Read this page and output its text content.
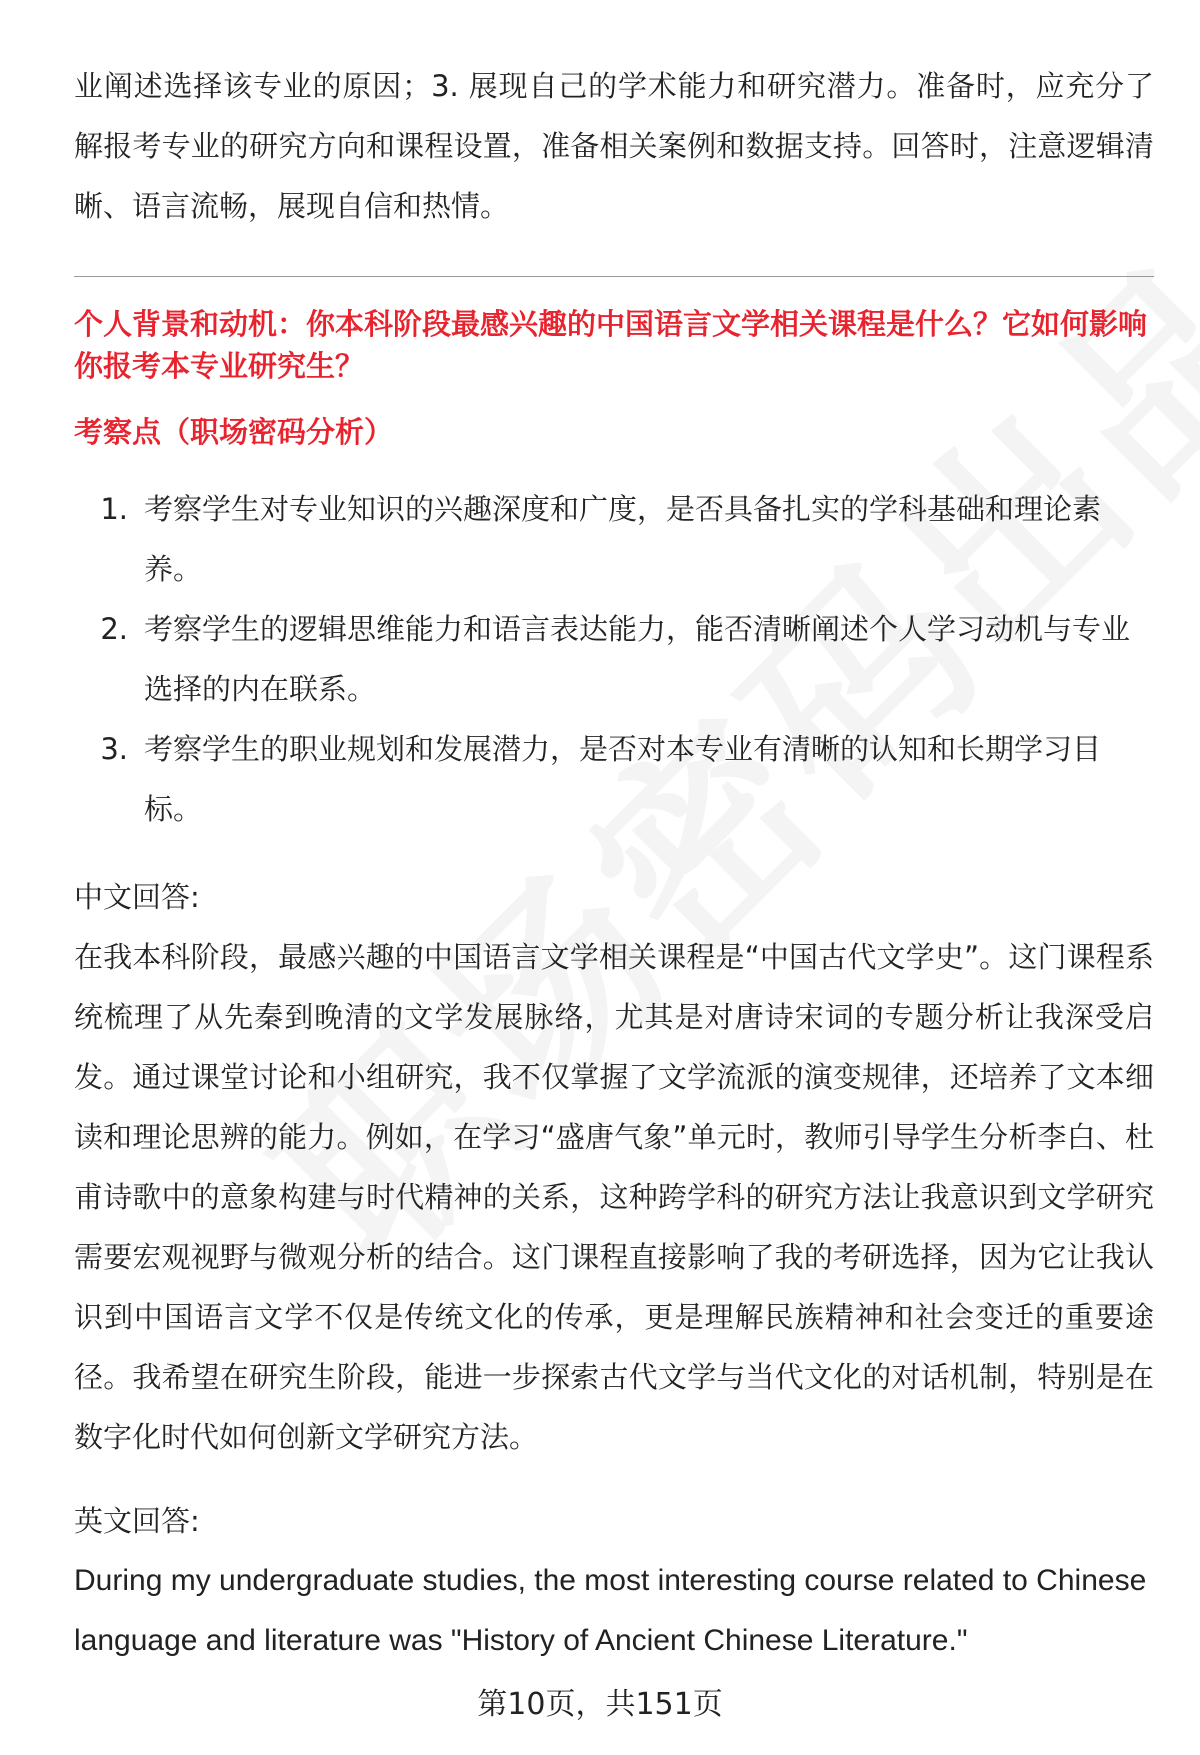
业阐述选择该专业的原因；3. 展现自己的学术能力和研究潜力。准备时，应充分了解报考专业的研究方向和课程设置，准备相关案例和数据支持。回答时，注意逻辑清晰、语言流畅，展现自信和热情。

个人背景和动机：你本科阶段最感兴趣的中国语言文学相关课程是什么？它如何影响你报考本专业研究生？

考察点（职场密码分析）

1. 考察学生对专业知识的兴趣深度和广度，是否具备扎实的学科基础和理论素养。
2. 考察学生的逻辑思维能力和语言表达能力，能否清晰阐述个人学习动机与专业选择的内在联系。
3. 考察学生的职业规划和发展潜力，是否对本专业有清晰的认知和长期学习目标。

中文回答:

在我本科阶段，最感兴趣的中国语言文学相关课程是“中国古代文学史”。这门课程系统梳理了从先秦到晚清的文学发展脉络，尤其是对唐诗宋词的专题分析让我深受启发。通过课堂讨论和小组研究，我不仅掌握了文学流派的演变规律，还培养了文本细读和理论思辨的能力。例如，在学习“盛唐气象”单元时，教师引导学生分析李白、杜甫诗歌中的意象构建与时代精神的关系，这种跨学科的研究方法让我意识到文学研究需要宏观视野与微观分析的结合。这门课程直接影响了我的考研选择，因为它让我认识到中国语言文学不仅是传统文化的传承，更是理解民族精神和社会变迁的重要途径。我希望在研究生阶段，能进一步探索古代文学与当代文化的对话机制，特别是在数字化时代如何创新文学研究方法。

英文回答:

During my undergraduate studies, the most interesting course related to Chinese language and literature was "History of Ancient Chinese Literature."

第10页，共151页
